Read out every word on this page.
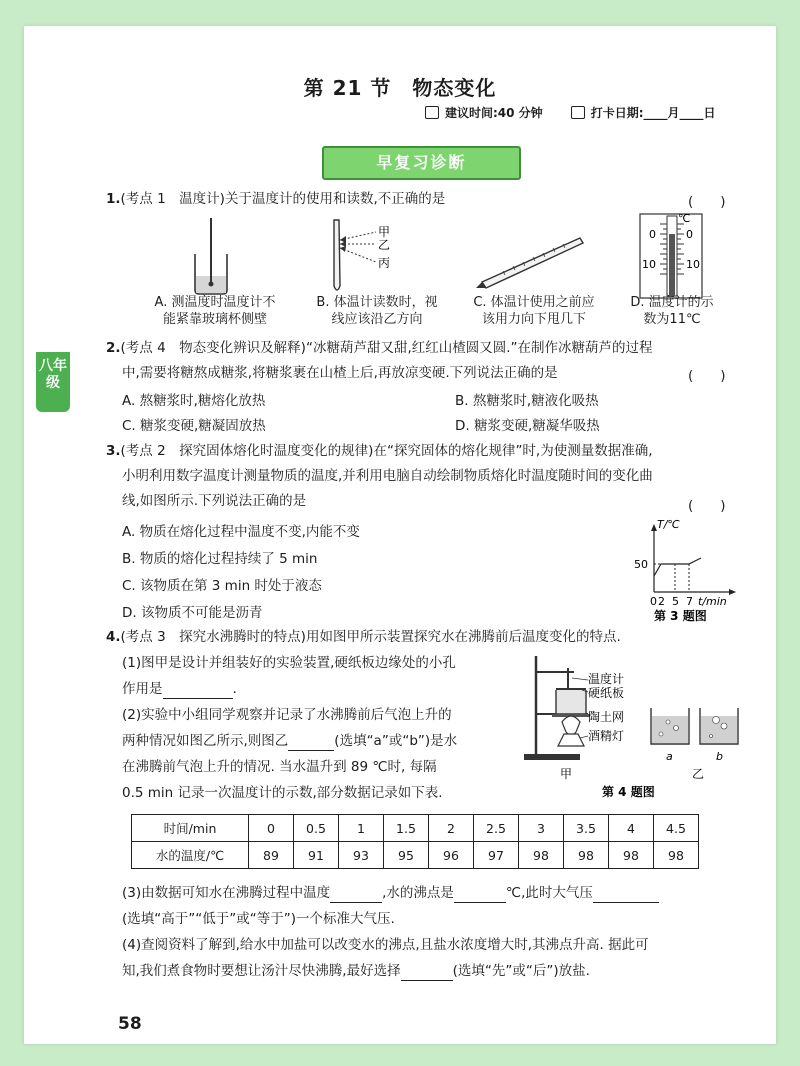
八年级
第 21 节　物态变化
建议时间:40 分钟	打卡日期:____月____日
早复习诊断
1.(考点 1　温度计)关于温度计的使用和读数,不正确的是	(　　)
甲
乙
丙
℃
0	0
10	10
A. 测温度时温度计不
能紧靠玻璃杯侧壁
B. 体温计读数时，视
线应该沿乙方向
C. 体温计使用之前应
该用力向下甩几下
D. 温度计的示
数为11℃
2.(考点 4　物态变化辨识及解释)“冰糖葫芦甜又甜,红红山楂圆又圆.”在制作冰糖葫芦的过程
中,需要将糖熬成糖浆,将糖浆裹在山楂上后,再放凉变硬.下列说法正确的是	(　　)
A. 熬糖浆时,糖熔化放热	B. 熬糖浆时,糖液化吸热
C. 糖浆变硬,糖凝固放热	D. 糖浆变硬,糖凝华吸热
3.(考点 2　探究固体熔化时温度变化的规律)在“探究固体的熔化规律”时,为使测量数据准确,
小明利用数字温度计测量物质的温度,并利用电脑自动绘制物质熔化时温度随时间的变化曲
线,如图所示.下列说法正确的是	(　　)
A. 物质在熔化过程中温度不变,内能不变
B. 物质的熔化过程持续了 5 min
C. 该物质在第 3 min 时处于液态
D. 该物质不可能是沥青
T/℃
50
0 2 5 7 t/min
第 3 题图
4.(考点 3　探究水沸腾时的特点)用如图甲所示装置探究水在沸腾前后温度变化的特点.
(1)图甲是设计并组装好的实验装置,硬纸板边缘处的小孔
作用是	.
(2)实验中小组同学观察并记录了水沸腾前后气泡上升的
两种情况如图乙所示,则图乙	(选填“a”或“b”)是水
在沸腾前气泡上升的情况. 当水温升到 89 ℃时, 每隔
0.5 min 记录一次温度计的示数,部分数据记录如下表.
温度计
硬纸板
陶土网
酒精灯
甲
a	b
乙
第 4 题图
时间/min	0	0.5	1	1.5	2	2.5	3	3.5	4	4.5
水的温度/℃	89	91	93	95	96	97	98	98	98	98
(3)由数据可知水在沸腾过程中温度	,水的沸点是	℃,此时大气压
(选填“高于”“低于”或“等于”)一个标准大气压.
(4)查阅资料了解到,给水中加盐可以改变水的沸点,且盐水浓度增大时,其沸点升高. 据此可
知,我们煮食物时要想让汤汁尽快沸腾,最好选择	(选填“先”或“后”)放盐.
58
